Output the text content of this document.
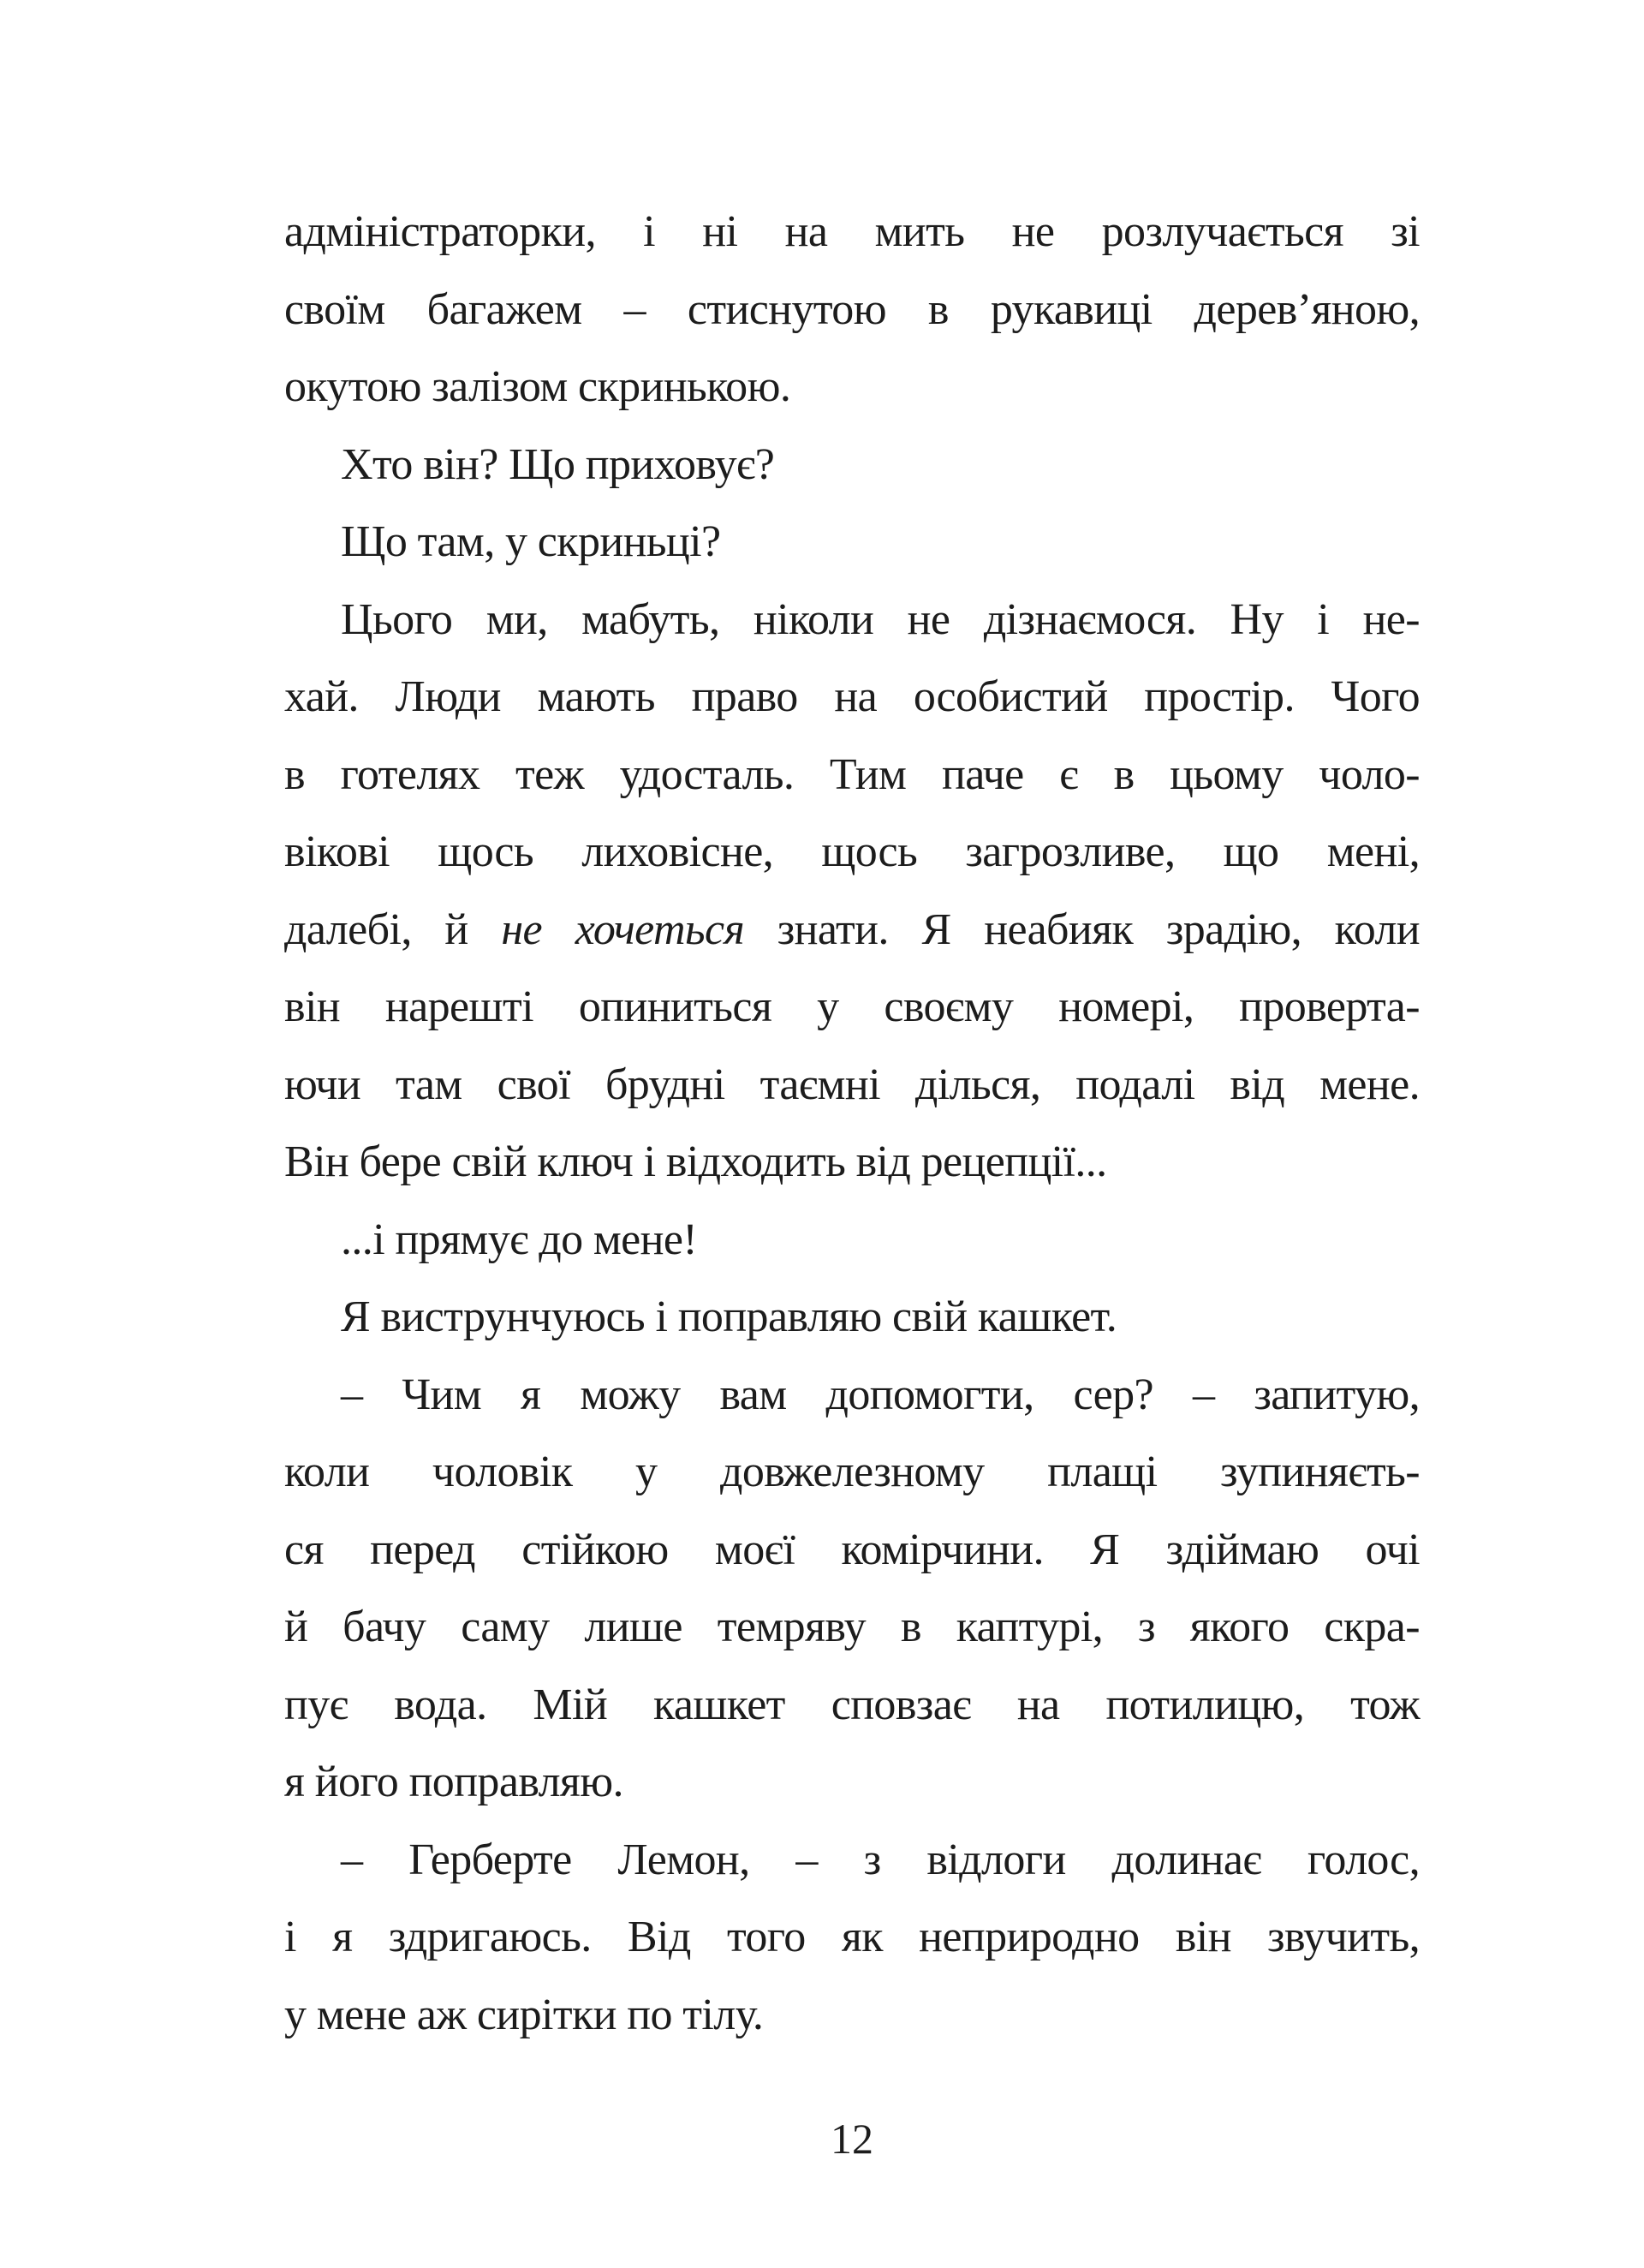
адміністраторки, і ні на мить не розлучається зі
своїм багажем – стиснутою в рукавиці дерев’яною,
окутою залізом скринькою.
Хто він? Що приховує?
Що там, у скриньці?
Цього ми, мабуть, ніколи не дізнаємося. Ну і не-
хай. Люди мають право на особистий простір. Чого
в готелях теж удосталь. Тим паче є в цьому чоло-
вікові щось лиховісне, щось загрозливе, що мені,
далебі, й не хочеться знати. Я неабияк зрадію, коли
він нарешті опиниться у своєму номері, проверта-
ючи там свої брудні таємні ділься, подалі від мене.
Він бере свій ключ і відходить від рецепції...
...і прямує до мене!
Я виструнчуюсь і поправляю свій кашкет.
– Чим я можу вам допомогти, сер? – запитую,
коли чоловік у довжелезному плащі зупиняєть-
ся перед стійкою моєї комірчини. Я здіймаю очі
й бачу саму лише темряву в каптурі, з якого скра-
пує вода. Мій кашкет сповзає на потилицю, тож
я його поправляю.
– Герберте Лемон, – з відлоги долинає голос,
і я здригаюсь. Від того як неприродно він звучить,
у мене аж сирітки по тілу.
12
